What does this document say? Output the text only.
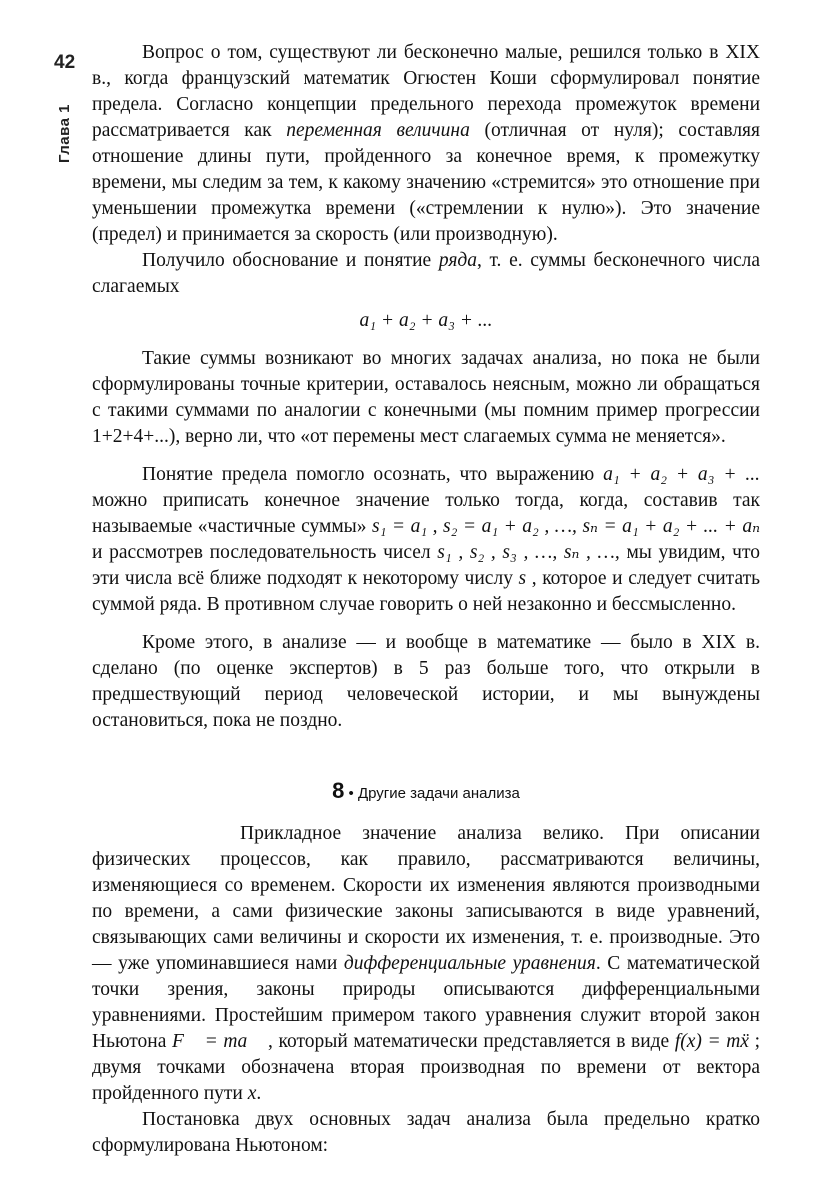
42
Глава 1

Вопрос о том, существуют ли бесконечно малые, решился только в XIX в., когда французский математик Огюстен Коши сформулировал понятие предела. Согласно концепции предельного перехода промежуток времени рассматривается как переменная величина (отличная от нуля); составляя отношение длины пути, пройденного за конечное время, к промежутку времени, мы следим за тем, к какому значению «стремится» это отношение при уменьшении промежутка времени («стремлении к нулю»). Это значение (предел) и принимается за скорость (или производную).

Получило обоснование и понятие ряда, т. е. суммы бесконечного числа слагаемых

a₁ + a₂ + a₃ + ...

Такие суммы возникают во многих задачах анализа, но пока не были сформулированы точные критерии, оставалось неясным, можно ли обращаться с такими суммами по аналогии с конечными (мы помним пример прогрессии 1+2+4+...), верно ли, что «от перемены мест слагаемых сумма не меняется».

Понятие предела помогло осознать, что выражению a₁ + a₂ + a₃ + ... можно приписать конечное значение только тогда, когда, составив так называемые «частичные суммы» s₁ = a₁ , s₂ = a₁ + a₂ , …, sₙ = a₁ + a₂ + ... + aₙ и рассмотрев последовательность чисел s₁ , s₂ , s₃ , …, sₙ , …, мы увидим, что эти числа всё ближе подходят к некоторому числу s , которое и следует считать суммой ряда. В противном случае говорить о ней незаконно и бессмысленно.

Кроме этого, в анализе — и вообще в математике — было в XIX в. сделано (по оценке экспертов) в 5 раз больше того, что открыли в предшествующий период человеческой истории, и мы вынуждены остановиться, пока не поздно.

8 • Другие задачи анализа

Прикладное значение анализа велико. При описании физических процессов, как правило, рассматриваются величины, изменяющиеся со временем. Скорости их изменения являются производными по времени, а сами физические законы записываются в виде уравнений, связывающих сами величины и скорости их изменения, т. е. производные. Это — уже упоминавшиеся нами дифференциальные уравнения. С математической точки зрения, законы природы описываются дифференциальными уравнениями. Простейшим примером такого уравнения служит второй закон Ньютона F⃗ = ma⃗ , который математически представляется в виде f(x) = mẍ ; двумя точками обозначена вторая производная по времени от вектора пройденного пути x.

Постановка двух основных задач анализа была предельно кратко сформулирована Ньютоном:
